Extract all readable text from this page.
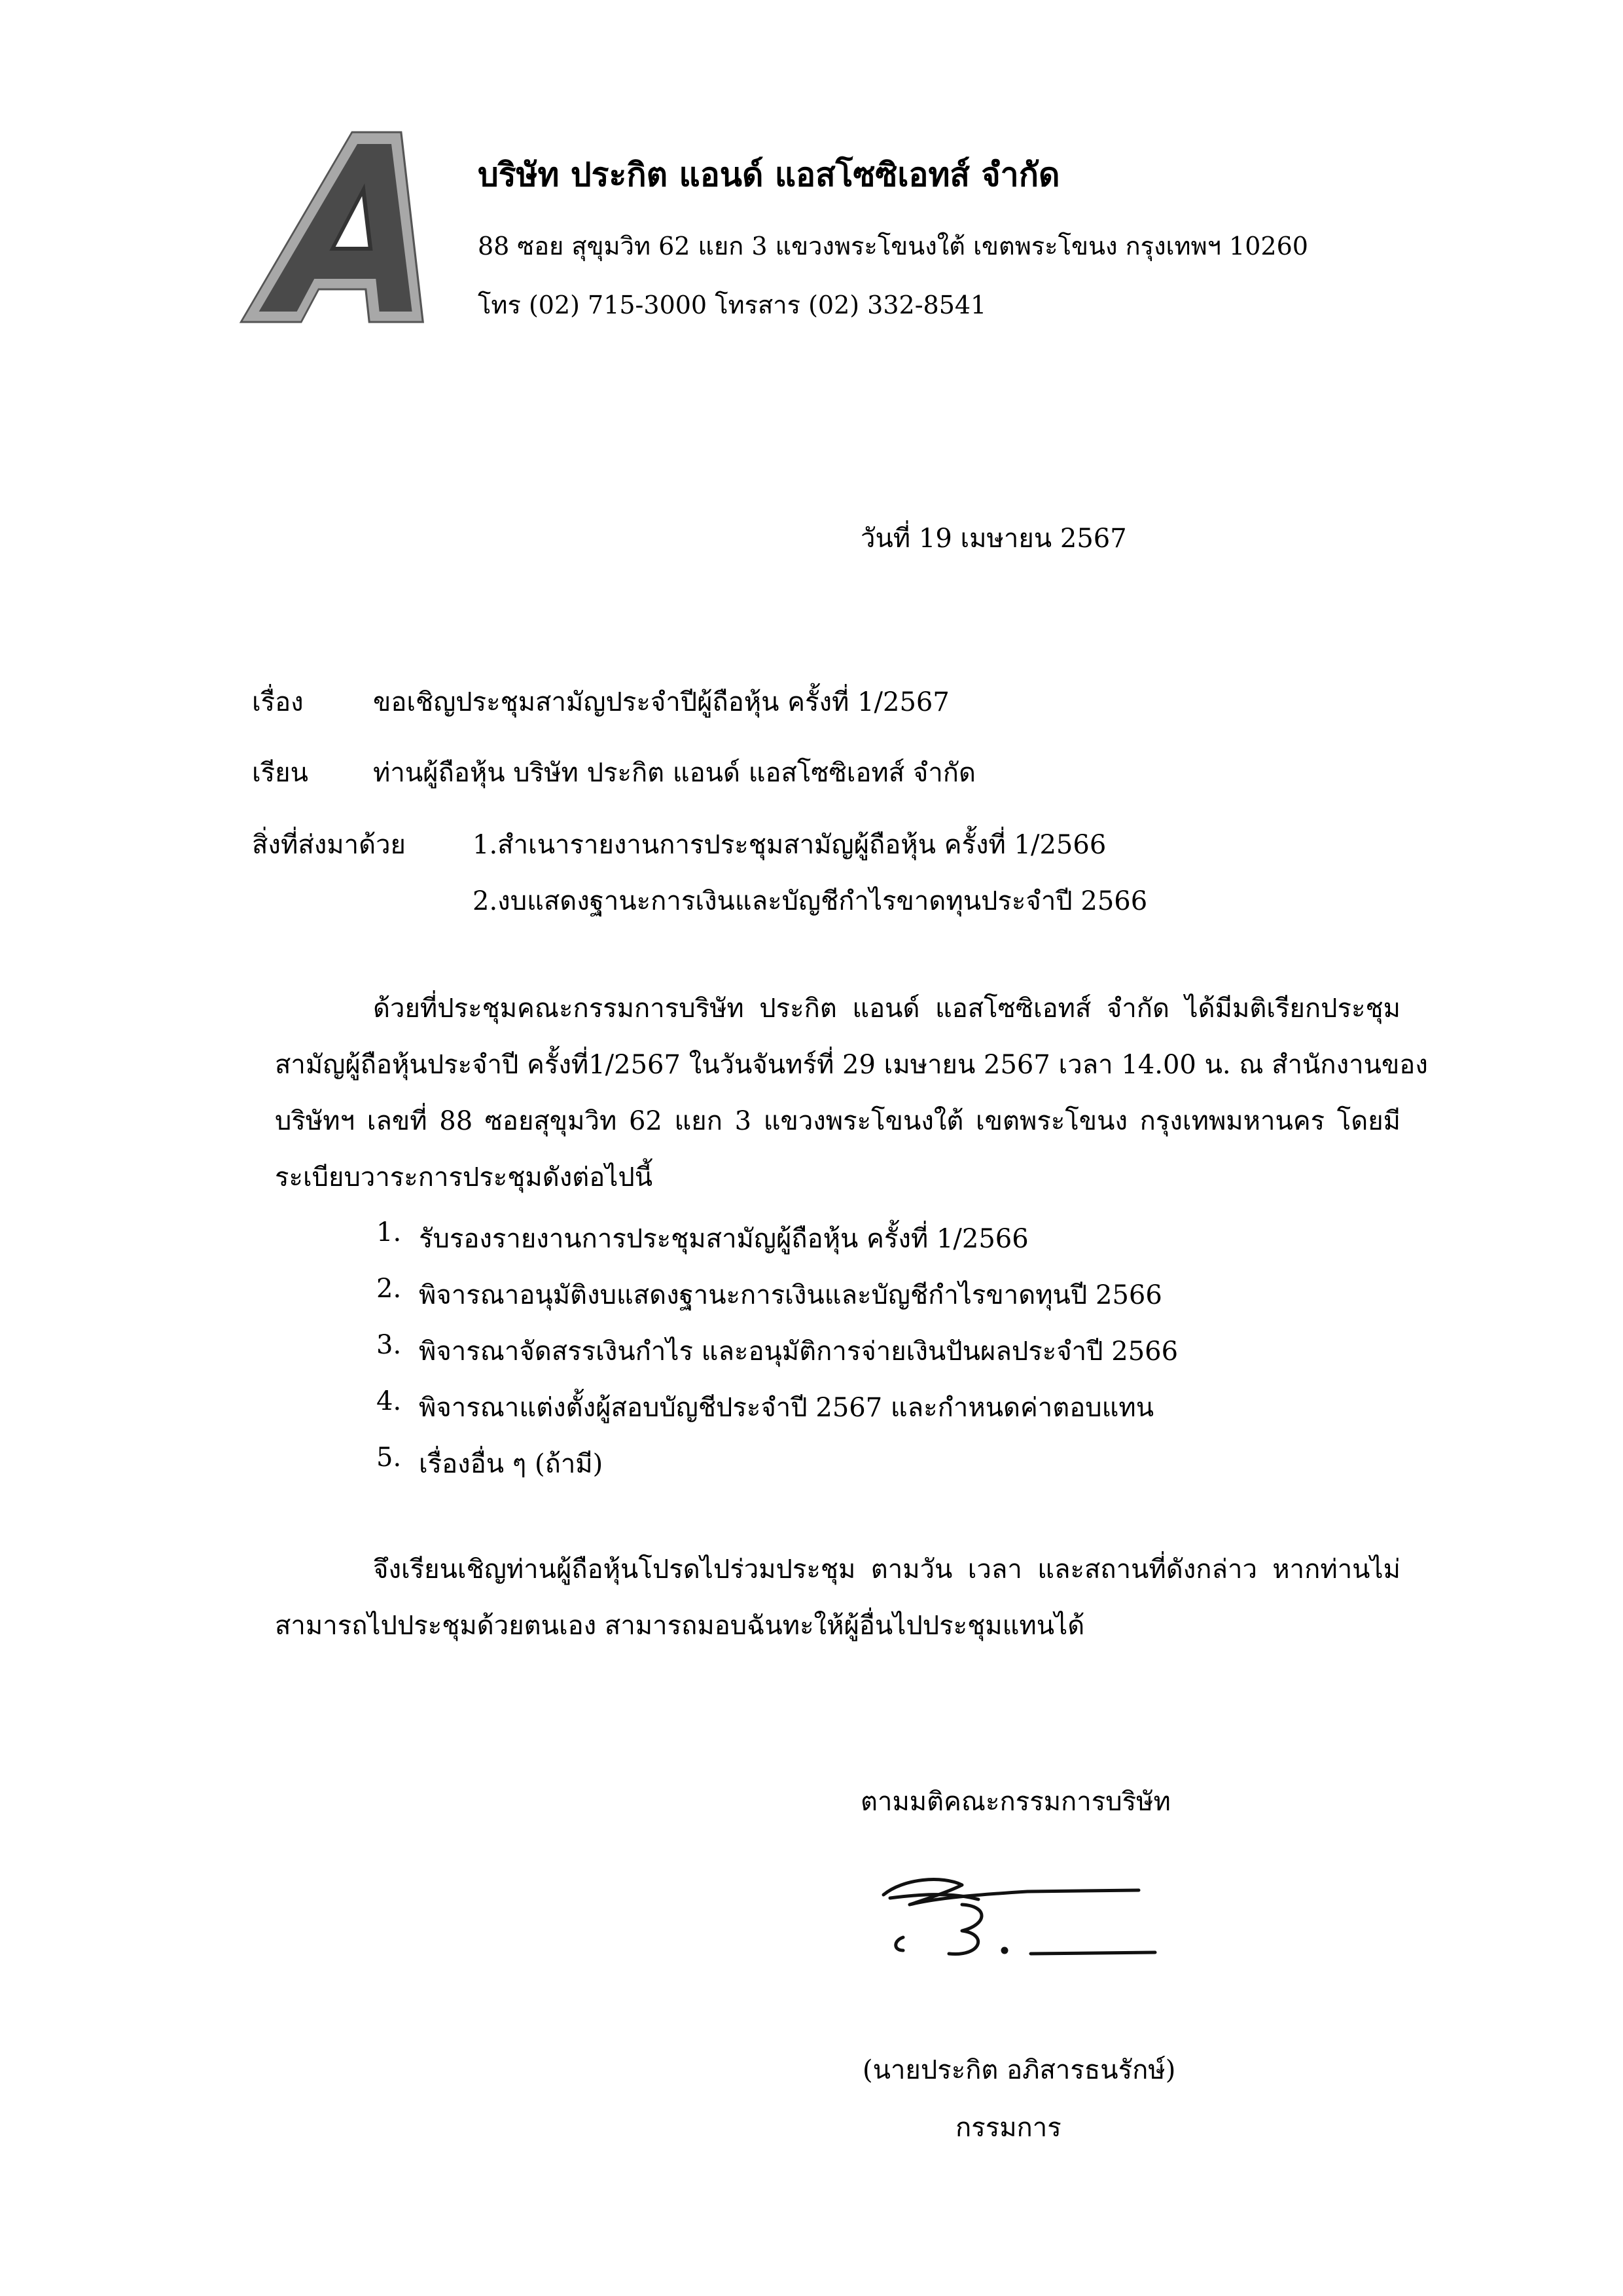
บริษัท ประกิต แอนด์ แอสโซซิเอทส์ จำกัด
88 ซอย สุขุมวิท 62 แยก 3 แขวงพระโขนงใต้ เขตพระโขนง กรุงเทพฯ 10260
โทร (02) 715-3000 โทรสาร (02) 332-8541
วันที่ 19 เมษายน 2567
เรื่อง	ขอเชิญประชุมสามัญประจำปีผู้ถือหุ้น ครั้งที่ 1/2567
เรียน ท่านผู้ถือหุ้น บริษัท ประกิต แอนด์ แอสโซซิเอทส์ จำกัด
สิ่งที่ส่งมาด้วย	1.สำเนารายงานการประชุมสามัญผู้ถือหุ้น ครั้งที่ 1/2566
2.งบแสดงฐานะการเงินและบัญชีกำไรขาดทุนประจำปี 2566
ด้วยที่ประชุมคณะกรรมการบริษัท ประกิต แอนด์ แอสโซซิเอทส์ จำกัด ได้มีมติเรียกประชุม
สามัญผู้ถือหุ้นประจำปี ครั้งที่1/2567 ในวันจันทร์ที่ 29 เมษายน 2567 เวลา 14.00 น. ณ สำนักงานของ
บริษัทฯ เลขที่ 88 ซอยสุขุมวิท 62 แยก 3 แขวงพระโขนงใต้ เขตพระโขนง กรุงเทพมหานคร โดยมี
ระเบียบวาระการประชุมดังต่อไปนี้
1. รับรองรายงานการประชุมสามัญผู้ถือหุ้น ครั้งที่ 1/2566
2. พิจารณาอนุมัติงบแสดงฐานะการเงินและบัญชีกำไรขาดทุนปี 2566
3. พิจารณาจัดสรรเงินกำไร และอนุมัติการจ่ายเงินปันผลประจำปี 2566
4. พิจารณาแต่งตั้งผู้สอบบัญชีประจำปี 2567 และกำหนดค่าตอบแทน
5. เรื่องอื่น ๆ (ถ้ามี)
จึงเรียนเชิญท่านผู้ถือหุ้นโปรดไปร่วมประชุม ตามวัน เวลา และสถานที่ดังกล่าว หากท่านไม่
สามารถไปประชุมด้วยตนเอง สามารถมอบฉันทะให้ผู้อื่นไปประชุมแทนได้
ตามมติคณะกรรมการบริษัท
(นายประกิต อภิสารธนรักษ์)
กรรมการ
